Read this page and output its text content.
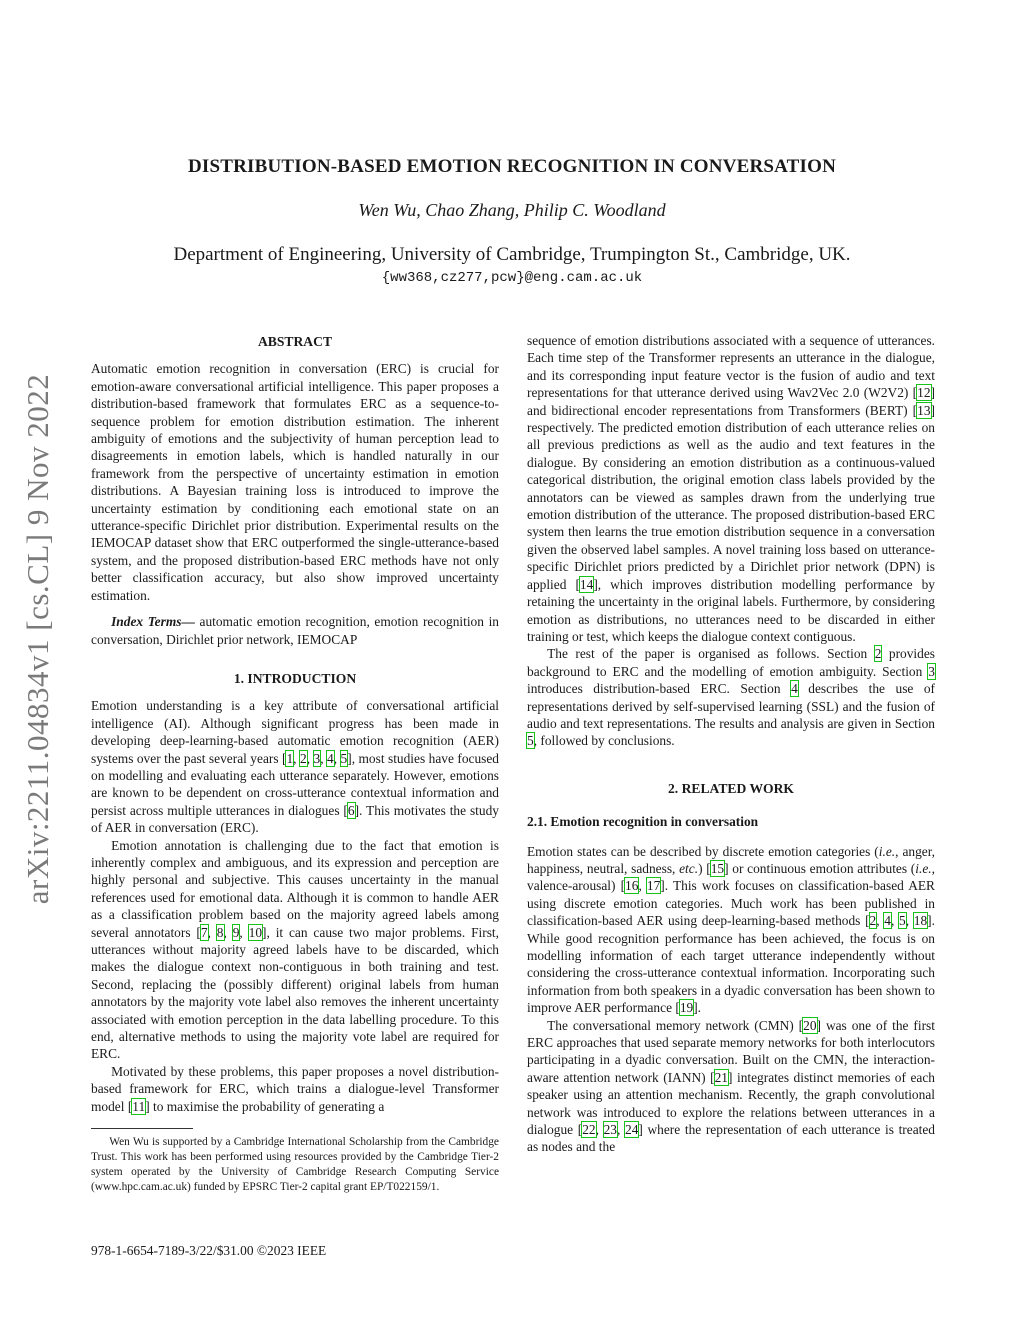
DISTRIBUTION-BASED EMOTION RECOGNITION IN CONVERSATION
Wen Wu, Chao Zhang, Philip C. Woodland
Department of Engineering, University of Cambridge, Trumpington St., Cambridge, UK.
{ww368,cz277,pcw}@eng.cam.ac.uk
arXiv:2211.04834v1 [cs.CL] 9 Nov 2022
ABSTRACT

Automatic emotion recognition in conversation (ERC) is crucial for emotion-aware conversational artificial intelligence. This paper proposes a distribution-based framework that formulates ERC as a sequence-to-sequence problem for emotion distribution estimation. The inherent ambiguity of emotions and the subjectivity of human perception lead to disagreements in emotion labels, which is handled naturally in our framework from the perspective of uncertainty estimation in emotion distributions. A Bayesian training loss is introduced to improve the uncertainty estimation by conditioning each emotional state on an utterance-specific Dirichlet prior distribution. Experimental results on the IEMOCAP dataset show that ERC outperformed the single-utterance-based system, and the proposed distribution-based ERC methods have not only better classification accuracy, but also show improved uncertainty estimation.

Index Terms— automatic emotion recognition, emotion recognition in conversation, Dirichlet prior network, IEMOCAP

1. INTRODUCTION

Emotion understanding is a key attribute of conversational artificial intelligence (AI). Although significant progress has been made in developing deep-learning-based automatic emotion recognition (AER) systems over the past several years [1, 2, 3, 4, 5], most studies have focused on modelling and evaluating each utterance separately. However, emotions are known to be dependent on cross-utterance contextual information and persist across multiple utterances in dialogues [6]. This motivates the study of AER in conversation (ERC).

Emotion annotation is challenging due to the fact that emotion is inherently complex and ambiguous, and its expression and perception are highly personal and subjective. This causes uncertainty in the manual references used for emotional data. Although it is common to handle AER as a classification problem based on the majority agreed labels among several annotators [7, 8, 9, 10], it can cause two major problems. First, utterances without majority agreed labels have to be discarded, which makes the dialogue context non-contiguous in both training and test. Second, replacing the (possibly different) original labels from human annotators by the majority vote label also removes the inherent uncertainty associated with emotion perception in the data labelling procedure. To this end, alternative methods to using the majority vote label are required for ERC.

Motivated by these problems, this paper proposes a novel distribution-based framework for ERC, which trains a dialogue-level Transformer model [11] to maximise the probability of generating a

Wen Wu is supported by a Cambridge International Scholarship from the Cambridge Trust. This work has been performed using resources provided by the Cambridge Tier-2 system operated by the University of Cambridge Research Computing Service (www.hpc.cam.ac.uk) funded by EPSRC Tier-2 capital grant EP/T022159/1.
978-1-6654-7189-3/22/$31.00 ©2023 IEEE

sequence of emotion distributions associated with a sequence of utterances. Each time step of the Transformer represents an utterance in the dialogue, and its corresponding input feature vector is the fusion of audio and text representations for that utterance derived using Wav2Vec 2.0 (W2V2) [12] and bidirectional encoder representations from Transformers (BERT) [13] respectively. The predicted emotion distribution of each utterance relies on all previous predictions as well as the audio and text features in the dialogue. By considering an emotion distribution as a continuous-valued categorical distribution, the original emotion class labels provided by the annotators can be viewed as samples drawn from the underlying true emotion distribution of the utterance. The proposed distribution-based ERC system then learns the true emotion distribution sequence in a conversation given the observed label samples. A novel training loss based on utterance-specific Dirichlet priors predicted by a Dirichlet prior network (DPN) is applied [14], which improves distribution modelling performance by retaining the uncertainty in the original labels. Furthermore, by considering emotion as distributions, no utterances need to be discarded in either training or test, which keeps the dialogue context contiguous.

The rest of the paper is organised as follows. Section 2 provides background to ERC and the modelling of emotion ambiguity. Section 3 introduces distribution-based ERC. Section 4 describes the use of representations derived by self-supervised learning (SSL) and the fusion of audio and text representations. The results and analysis are given in Section 5, followed by conclusions.

2. RELATED WORK
2.1. Emotion recognition in conversation

Emotion states can be described by discrete emotion categories (i.e., anger, happiness, neutral, sadness, etc.) [15] or continuous emotion attributes (i.e., valence-arousal) [16, 17]. This work focuses on classification-based AER using discrete emotion categories. Much work has been published in classification-based AER using deep-learning-based methods [2, 4, 5, 18]. While good recognition performance has been achieved, the focus is on modelling information of each target utterance independently without considering the cross-utterance contextual information. Incorporating such information from both speakers in a dyadic conversation has been shown to improve AER performance [19].

The conversational memory network (CMN) [20] was one of the first ERC approaches that used separate memory networks for both interlocutors participating in a dyadic conversation. Built on the CMN, the interaction-aware attention network (IANN) [21] integrates distinct memories of each speaker using an attention mechanism. Recently, the graph convolutional network was introduced to explore the relations between utterances in a dialogue [22, 23, 24] where the representation of each utterance is treated as nodes and the
